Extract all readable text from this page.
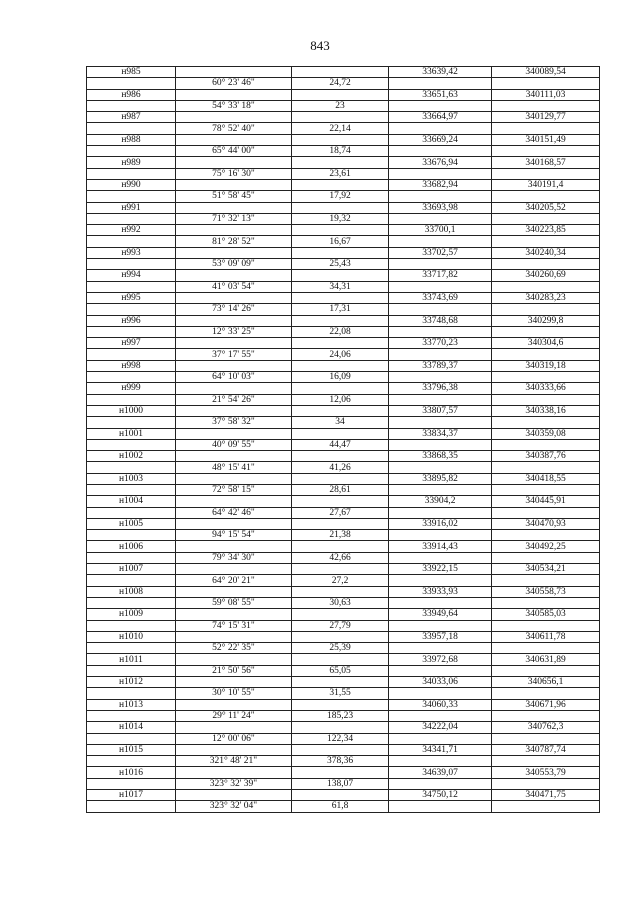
843
н985			33639,42	340089,54
	60° 23' 46"	24,72		
н986			33651,63	340111,03
	54° 33' 18"	23		
н987			33664,97	340129,77
	78° 52' 40"	22,14		
н988			33669,24	340151,49
	65° 44' 00"	18,74		
н989			33676,94	340168,57
	75° 16' 30"	23,61		
н990			33682,94	340191,4
	51° 58' 45"	17,92		
н991			33693,98	340205,52
	71° 32' 13"	19,32		
н992			33700,1	340223,85
	81° 28' 52"	16,67		
н993			33702,57	340240,34
	53° 09' 09"	25,43		
н994			33717,82	340260,69
	41° 03' 54"	34,31		
н995			33743,69	340283,23
	73° 14' 26"	17,31		
н996			33748,68	340299,8
	12° 33' 25"	22,08		
н997			33770,23	340304,6
	37° 17' 55"	24,06		
н998			33789,37	340319,18
	64° 10' 03"	16,09		
н999			33796,38	340333,66
	21° 54' 26"	12,06		
н1000			33807,57	340338,16
	37° 58' 32"	34		
н1001			33834,37	340359,08
	40° 09' 55"	44,47		
н1002			33868,35	340387,76
	48° 15' 41"	41,26		
н1003			33895,82	340418,55
	72° 58' 15"	28,61		
н1004			33904,2	340445,91
	64° 42' 46"	27,67		
н1005			33916,02	340470,93
	94° 15' 54"	21,38		
н1006			33914,43	340492,25
	79° 34' 30"	42,66		
н1007			33922,15	340534,21
	64° 20' 21"	27,2		
н1008			33933,93	340558,73
	59° 08' 55"	30,63		
н1009			33949,64	340585,03
	74° 15' 31"	27,79		
н1010			33957,18	340611,78
	52° 22' 35"	25,39		
н1011			33972,68	340631,89
	21° 50' 56"	65,05		
н1012			34033,06	340656,1
	30° 10' 55"	31,55		
н1013			34060,33	340671,96
	29° 11' 24"	185,23		
н1014			34222,04	340762,3
	12° 00' 06"	122,34		
н1015			34341,71	340787,74
	321° 48' 21"	378,36		
н1016			34639,07	340553,79
	323° 32' 39"	138,07		
н1017			34750,12	340471,75
	323° 32' 04"	61,8		
